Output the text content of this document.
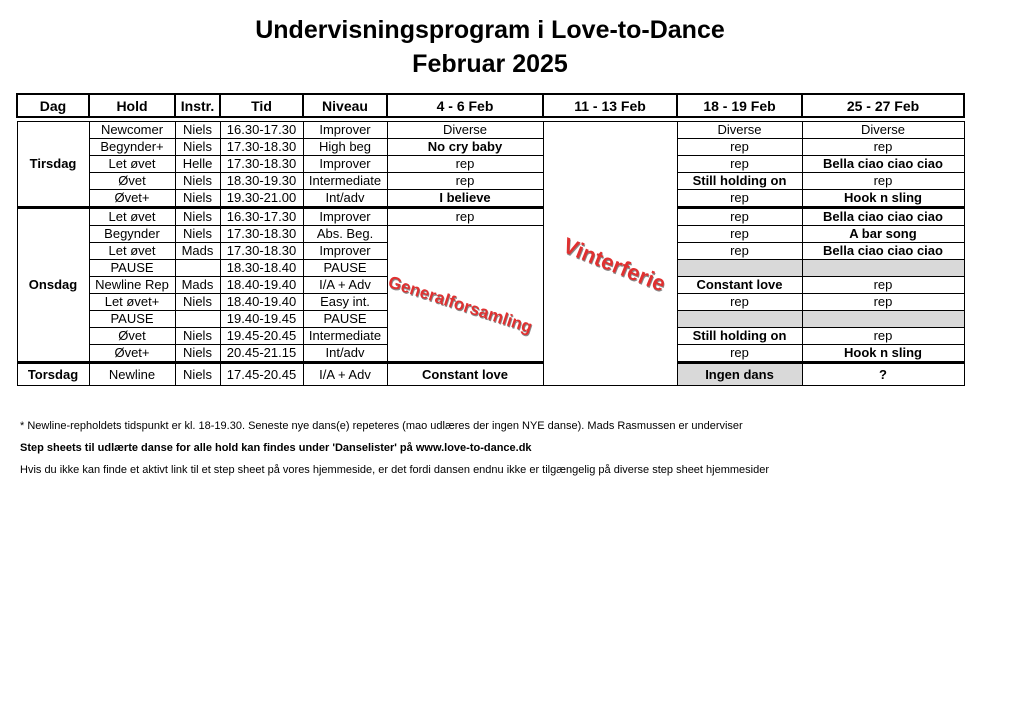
Undervisningsprogram i Love-to-Dance
Februar 2025
Dag	Hold	Instr.	Tid	Niveau	4 - 6 Feb	11 - 13 Feb	18 - 19 Feb	25 - 27 Feb

Tirsdag	Newcomer	Niels	16.30-17.30	Improver	Diverse		Diverse	Diverse
	Begynder+	Niels	17.30-18.30	High beg	No cry baby		rep	rep
	Let øvet	Helle	17.30-18.30	Improver	rep		rep	Bella ciao ciao ciao
	Øvet	Niels	18.30-19.30	Intermediate	rep		Still holding on	rep
	Øvet+	Niels	19.30-21.00	Int/adv	I believe		rep	Hook n sling
Onsdag	Let øvet	Niels	16.30-17.30	Improver	rep		rep	Bella ciao ciao ciao
	Begynder	Niels	17.30-18.30	Abs. Beg.			rep	A bar song
	Let øvet	Mads	17.30-18.30	Improver			rep	Bella ciao ciao ciao
	PAUSE		18.30-18.40	PAUSE				
	Newline Rep	Mads	18.40-19.40	I/A + Adv			Constant love	rep
	Let øvet+	Niels	18.40-19.40	Easy int.			rep	rep
	PAUSE		19.40-19.45	PAUSE				
	Øvet	Niels	19.45-20.45	Intermediate			Still holding on	rep
	Øvet+	Niels	20.45-21.15	Int/adv			rep	Hook n sling
Torsdag	Newline	Niels	17.45-20.45	I/A + Adv	Constant love		Ingen dans	?
Vinterferie
Generalforsamling
* Newline-repholdets tidspunkt er kl. 18-19.30. Seneste nye dans(e) repeteres (mao udlæres der ingen NYE danse). Mads Rasmussen er underviser
Step sheets til udlærte danse for alle hold kan findes under 'Danselister' på www.love-to-dance.dk
Hvis du ikke kan finde et aktivt link til et step sheet på vores hjemmeside, er det fordi dansen endnu ikke er tilgængelig på diverse step sheet hjemmesider
